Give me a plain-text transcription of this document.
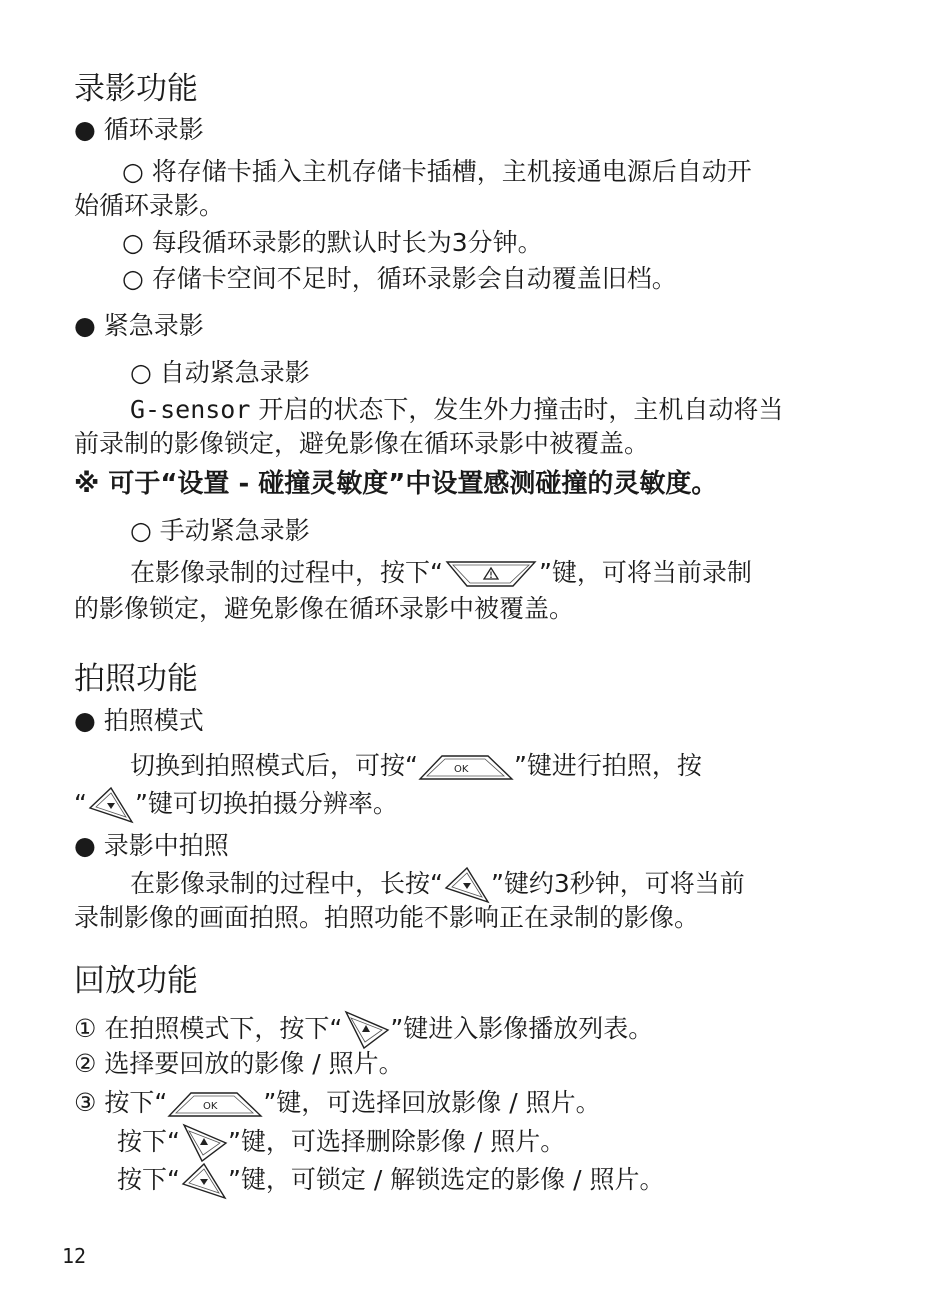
录影功能
● 循环录影
○ 将存储卡插入主机存储卡插槽，主机接通电源后自动开
始循环录影。
○ 每段循环录影的默认时长为3分钟。
○ 存储卡空间不足时，循环录影会自动覆盖旧档。
● 紧急录影
○ 自动紧急录影
G-sensor 开启的状态下，发生外力撞击时，主机自动将当
前录制的影像锁定，避免影像在循环录影中被覆盖。
※ 可于“设置 - 碰撞灵敏度”中设置感测碰撞的灵敏度。
○ 手动紧急录影
在影像录制的过程中，按下“	”键，可将当前录制
的影像锁定，避免影像在循环录影中被覆盖。
拍照功能
● 拍照模式
切换到拍照模式后，可按“	OK ”键进行拍照，按
“ ”键可切换拍摄分辨率。
● 录影中拍照
在影像录制的过程中，长按“ ”键约3秒钟，可将当前
录制影像的画面拍照。拍照功能不影响正在录制的影像。
回放功能
① 在拍照模式下，按下“ ”键进入影像播放列表。
② 选择要回放的影像 / 照片。
③ 按下“	OK ”键，可选择回放影像 / 照片。
按下“ ”键，可选择删除影像 / 照片。
按下“ ”键，可锁定 / 解锁选定的影像 / 照片。
12
